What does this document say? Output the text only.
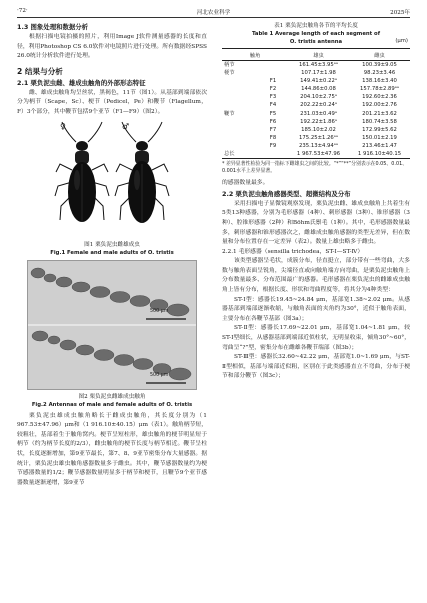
·72·	河北农业科学	2025年

1.3 图象处理和数据分析

根据扫描电镜拍摄的照片，利用Image J软件测量感器的长度和直径，利用Photoshop CS 6.0软件对电镜照片进行处理。所有数据经SPSS 26.0统计分析软件进行处理。

2 结果与分析

2.1 栗负泥虫雌、雄成虫触角的外部形态特征

雌、雄成虫触角均呈丝状，黑褐色，11节（图1）。从基部到端部依次分为柄节（Scape，Sc）、梗节（Pedicel，Pe）和鞭节（Flagellum，F）3个部分，其中鞭节包括9个亚节（F1—F9）（图2）。

♀	♂

图1 栗负泥虫雌雄成虫

Fig.1 Female and male adults of O. tristis

500 μm
500 μm

图2 栗负泥虫雌雄成虫触角

Fig.2 Antennas of male and female adults of O. tristis

栗负泥虫雄成虫触角略长于雌成虫触角，其长度分别为（1 967.53±47.96）μm和（1 916.10±40.15）μm（表1）。触角柄节短，较粗壮，基部着生于触角窝内。梗节呈短柱形，雄虫触角的梗节明显短于柄节（约为柄节长度的2/3），雌虫触角的梗节长度与柄节相近。鞭节呈柱状，长度逐渐增加，第9亚节最长，第7、8、9亚节密集分布大量感器。据统计，栗负泥虫雄虫触角感器数量多于雌虫。其中，鞭节感器数量约为梗节感器数量的1/2；鞭节感器数量明显多于柄节和梗节，且鞭节9个亚节感器数量逐渐递增，第9亚节

表1 栗负泥虫触角各节的平均长度

Table 1 Average length of each segment of

O. tristis antenna	(μm)
触角		雄虫	雌虫
柄节		161.45±3.95ᵃᵃ	100.39±9.05
梗节		107.17±1.98	98.23±3.46
	F1	149.41±0.22ᵃ	138.16±3.40
	F2	144.86±0.08	157.78±2.89ᵃᵃ
	F3	204.10±2.75ᵃ	192.60±2.36
	F4	202.22±0.24ᵃ	192.00±2.76
鞭节	F5	231.03±0.49ᵃ	201.21±3.62
	F6	192.22±1.86ᵃ	180.74±3.58
	F7	185.10±2.02	172.99±5.62
	F8	175.25±1.26ᵃᵃ	150.01±2.19
	F9	235.13±4.94ᵃᵃ	213.46±1.47
总长		1 967.53±47.96	1 916.10±40.15

* 差异显著性检验为同一指标下雌雄虫之间的比较。“*”“**”分别表示在0.05、0.01、0.001水平上差异显著。

的感器数量最多。

2.2 栗负泥虫触角感器类型、超微结构及分布

采用扫描电子显微镜观察发现，栗负泥虫雌、雄成虫触角上共着生有5类13种感器，分别为毛形感器（4种）、刺形感器（3种）、锥形感器（3种）、腔锥形感器（2种）和Böhm氏鬃毛（1种）。其中，毛形感器数量最多，刺形感器和锥形感器次之，雌雄成虫触角感器的类型无差异，但在数量和分布位置存在一定差异（表2）。数量上雄虫略多于雌虫。

2.2.1 毛形感器（sensilla trichodea，ST-Ⅰ—ST-Ⅳ）

该类型感器呈毛状，成簇分布，径直挺立，部分带有一些弯曲，大多数与触角表面呈锐角，尖端径直或向触角端方向弯曲，是栗负泥虫触角上分布数量最多、分布范围最广的感器。毛形感器在栗负泥虫的雌雄成虫触角上皆有分布，根据长度、形状和弯曲程度等，将其分为4种类型：

ST-Ⅰ型：感器长19.45~24.84 μm，基部宽1.38~2.02 μm。从感器基部到端部逐渐收缩，与触角表面的夹角约为30°，近似于触角表面，主要分布在各鞭节基部（图3a）；

ST-Ⅱ型：感器长17.69~22.01 μm，基部宽1.04~1.81 μm，较ST-Ⅰ型细长，从感器基部到端部近似柱状，无明显收束，倾角30°~60°，弯曲呈“?”型，密集分布在雌雄各鞭节端部（图3b）；

ST-Ⅲ型：感器长32.60~42.22 μm，基部宽1.0~1.69 μm，与ST-Ⅱ型相似，基部与端部近似粗，区别在于此类感器直立不弯曲，分布于梗节和部分鞭节（图3c）；
